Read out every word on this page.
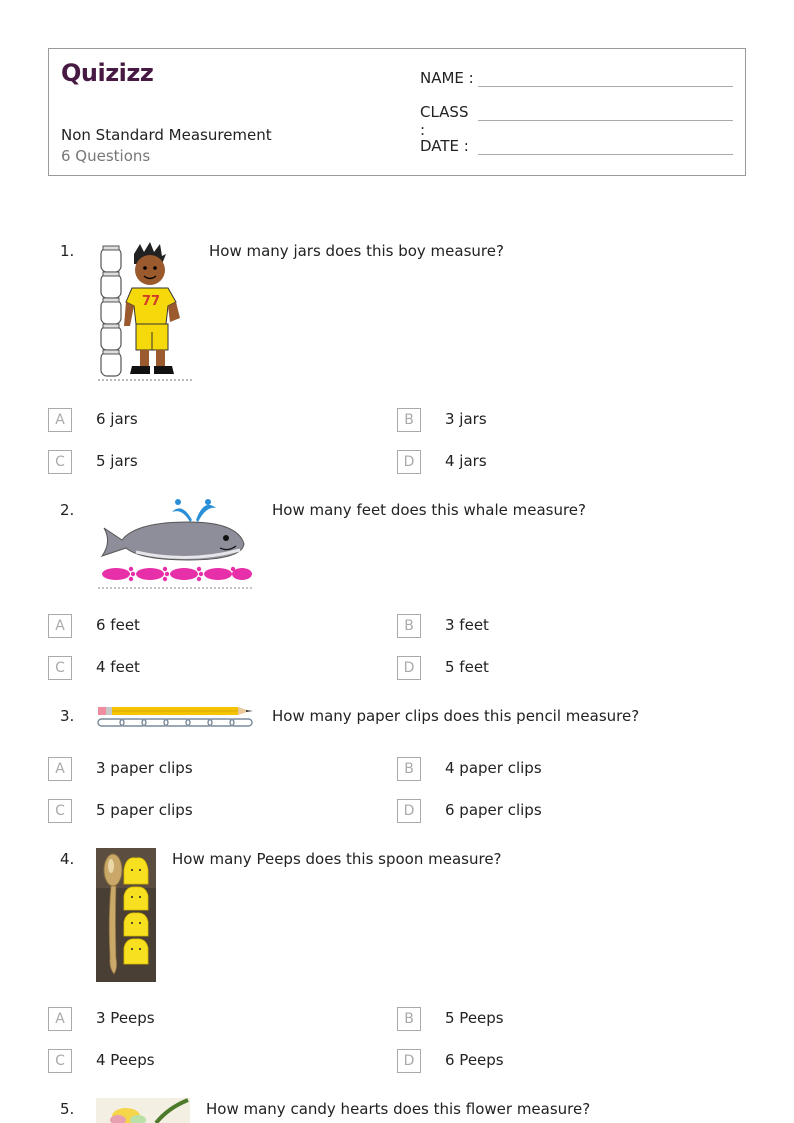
Quizizz
Non Standard Measurement
6 Questions
NAME :
CLASS :
DATE :
1.
77
How many jars does this boy measure?
A	6 jars	B	3 jars
C	5 jars	D	4 jars
2.	How many feet does this whale measure?
A	6 feet	B	3 feet
C	4 feet	D	5 feet
3.	How many paper clips does this pencil measure?
A	3 paper clips	B	4 paper clips
C	5 paper clips	D	6 paper clips
4.	How many Peeps does this spoon measure?
A	3 Peeps	B	5 Peeps
C	4 Peeps	D	6 Peeps
5.	How many candy hearts does this flower measure?
